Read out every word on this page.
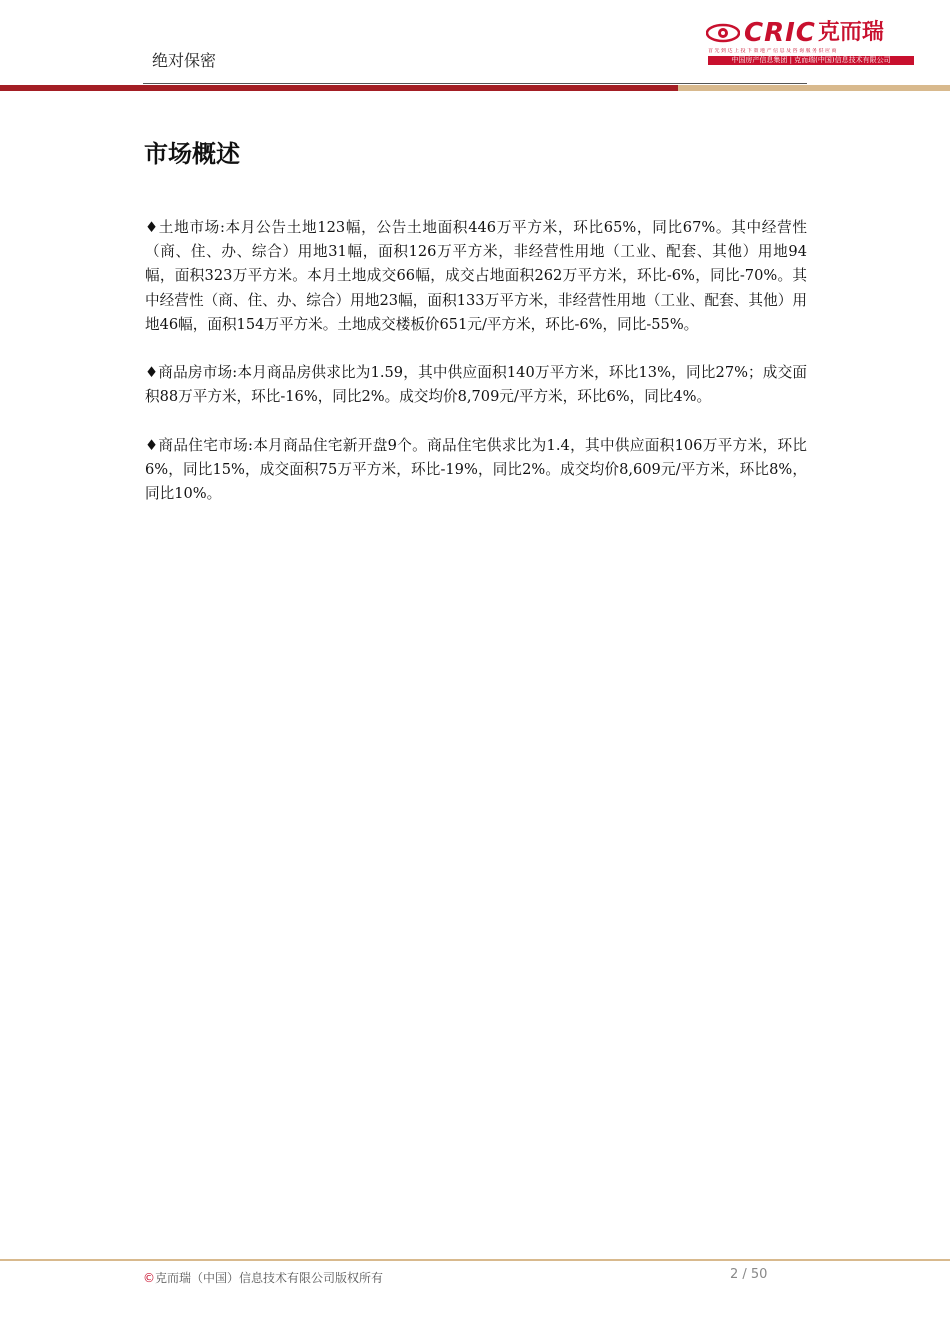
绝对保密
CRIC 克而瑞
首先到达上投下策地产信息及咨询服务供应商
中国房产信息集团 | 克而瑞(中国)信息技术有限公司
市场概述

♦土地市场:本月公告土地123幅，公告土地面积446万平方米，环比65%，同比67%。其中经营性（商、住、办、综合）用地31幅，面积126万平方米，非经营性用地（工业、配套、其他）用地94幅，面积323万平方米。本月土地成交66幅，成交占地面积262万平方米，环比-6%，同比-70%。其中经营性（商、住、办、综合）用地23幅，面积133万平方米，非经营性用地（工业、配套、其他）用地46幅，面积154万平方米。土地成交楼板价651元/平方米，环比-6%，同比-55%。

♦商品房市场:本月商品房供求比为1.59，其中供应面积140万平方米，环比13%，同比27%；成交面积88万平方米，环比-16%，同比2%。成交均价8,709元/平方米，环比6%，同比4%。

♦商品住宅市场:本月商品住宅新开盘9个。商品住宅供求比为1.4，其中供应面积106万平方米，环比6%，同比15%，成交面积75万平方米，环比-19%，同比2%。成交均价8,609元/平方米，环比8%，同比10%。

©克而瑞（中国）信息技术有限公司版权所有	2 / 50
